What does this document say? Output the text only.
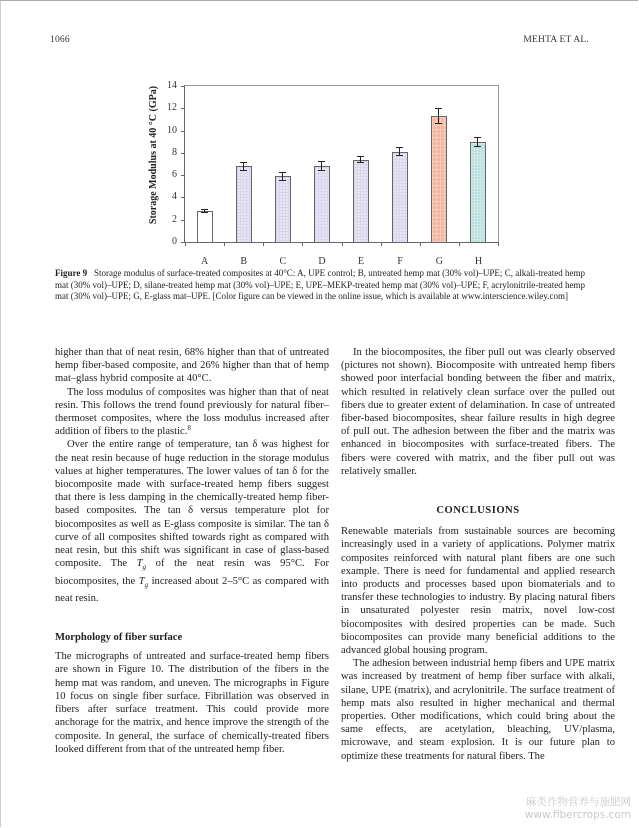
1066	MEHTA ET AL.
Storage Modulus at 40 °C (GPa)
0
2
4
6
8
10
12
14
A	B	C	D	E	F	G	H
Figure 9 Storage modulus of surface-treated composites at 40°C: A, UPE control; B, untreated hemp mat (30% vol)–UPE; C, alkali-treated hemp mat (30% vol)–UPE; D, silane-treated hemp mat (30% vol)–UPE; E, UPE–MEKP-treated hemp mat (30% vol)–UPE; F, acrylonitrile-treated hemp mat (30% vol)–UPE; G, E-glass mat–UPE. [Color figure can be viewed in the online issue, which is available at www.interscience.wiley.com]

higher than that of neat resin, 68% higher than that of untreated hemp fiber-based composite, and 26% higher than that of hemp mat–glass hybrid composite at 40°C.

The loss modulus of composites was higher than that of neat resin. This follows the trend found previously for natural fiber–thermoset composites, where the loss modulus increased after addition of fibers to the plastic.$^8$

Over the entire range of temperature, tan δ was highest for the neat resin because of huge reduction in the storage modulus values at higher temperatures. The lower values of tan δ for the biocomposite made with surface-treated hemp fibers suggest that there is less damping in the chemically-treated hemp fiber-based composites. The tan δ versus temperature plot for biocomposites as well as E-glass composite is similar. The tan δ curve of all composites shifted towards right as compared with neat resin, but this shift was significant in case of glass-based composite. The $T_g$ of the neat resin was 95°C. For biocomposites, the $T_g$ increased about 2–5°C as compared with neat resin.

Morphology of fiber surface

The micrographs of untreated and surface-treated hemp fibers are shown in Figure 10. The distribution of the fibers in the hemp mat was random, and uneven. The micrographs in Figure 10 focus on single fiber surface. Fibrillation was observed in fibers after surface treatment. This could provide more anchorage for the matrix, and hence improve the strength of the composite. In general, the surface of chemically-treated fibers looked different from that of the untreated hemp fiber.

In the biocomposites, the fiber pull out was clearly observed (pictures not shown). Biocomposite with untreated hemp fibers showed poor interfacial bonding between the fiber and matrix, which resulted in relatively clean surface over the pulled out fibers due to greater extent of delamination. In case of untreated fiber-based biocomposites, shear failure results in high degree of pull out. The adhesion between the fiber and the matrix was enhanced in biocomposites with surface-treated fibers. The fibers were covered with matrix, and the fiber pull out was relatively smaller.

CONCLUSIONS

Renewable materials from sustainable sources are becoming increasingly used in a variety of applications. Polymer matrix composites reinforced with natural plant fibers are one such example. There is need for fundamental and applied research into products and processes based upon biomaterials and to transfer these technologies to industry. By placing natural fibers in unsaturated polyester resin matrix, novel low-cost biocomposites with desired properties can be made. Such biocomposites can provide many beneficial additions to the advanced global housing program.

The adhesion between industrial hemp fibers and UPE matrix was increased by treatment of hemp fiber surface with alkali, silane, UPE (matrix), and acrylonitrile. The surface treatment of hemp mats also resulted in higher mechanical and thermal properties. Other modifications, which could bring about the same effects, are acetylation, bleaching, UV/plasma, microwave, and steam explosion. It is our future plan to optimize these treatments for natural fibers. The

麻类作物营养与施肥网
www.fibercrops.com
